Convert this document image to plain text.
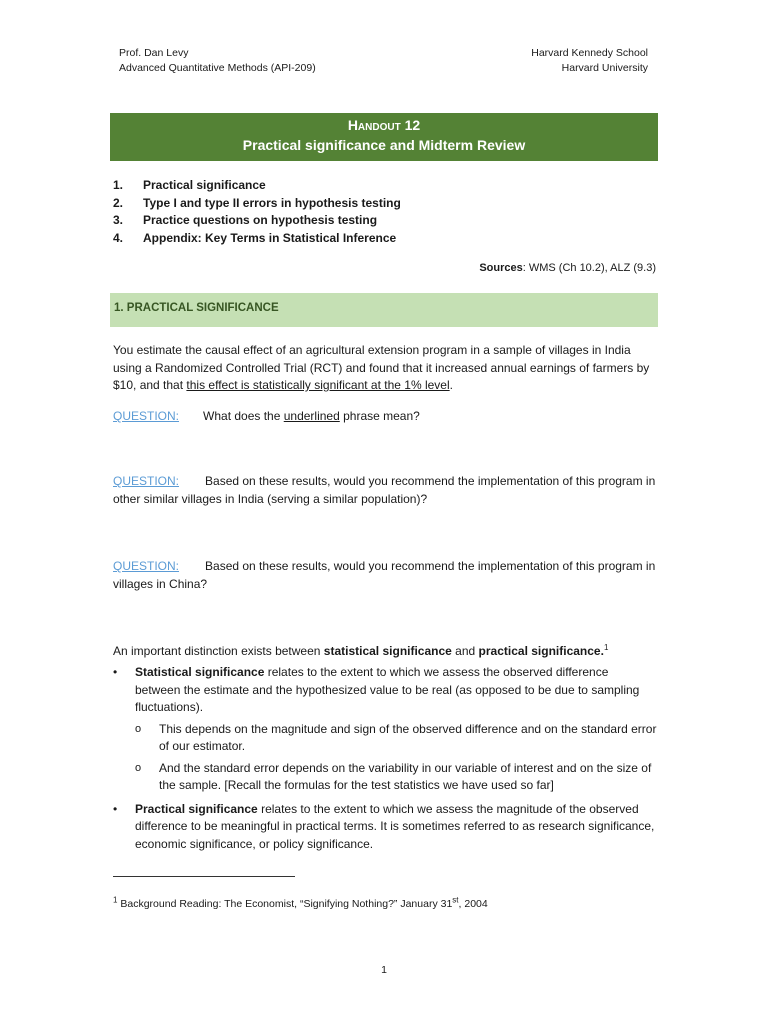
Prof. Dan Levy
Advanced Quantitative Methods (API-209)
Harvard Kennedy School
Harvard University
Handout 12
Practical significance and Midterm Review
1.	Practical significance
2.	Type I and type II errors in hypothesis testing
3.	Practice questions on hypothesis testing
4.	Appendix: Key Terms in Statistical Inference
Sources: WMS (Ch 10.2), ALZ (9.3)
1. PRACTICAL SIGNIFICANCE
You estimate the causal effect of an agricultural extension program in a sample of villages in India using a Randomized Controlled Trial (RCT) and found that it increased annual earnings of farmers by $10, and that this effect is statistically significant at the 1% level.
QUESTION: What does the underlined phrase mean?
QUESTION: Based on these results, would you recommend the implementation of this program in other similar villages in India (serving a similar population)?
QUESTION: Based on these results, would you recommend the implementation of this program in villages in China?
An important distinction exists between statistical significance and practical significance.$^1$
•	Statistical significance relates to the extent to which we assess the observed difference between the estimate and the hypothesized value to be real (as opposed to be due to sampling fluctuations).
o	This depends on the magnitude and sign of the observed difference and on the standard error of our estimator.
o	And the standard error depends on the variability in our variable of interest and on the size of the sample. [Recall the formulas for the test statistics we have used so far]
•	Practical significance relates to the extent to which we assess the magnitude of the observed difference to be meaningful in practical terms. It is sometimes referred to as research significance, economic significance, or policy significance.
$^1$ Background Reading: The Economist, “Signifying Nothing?” January 31st, 2004
1
